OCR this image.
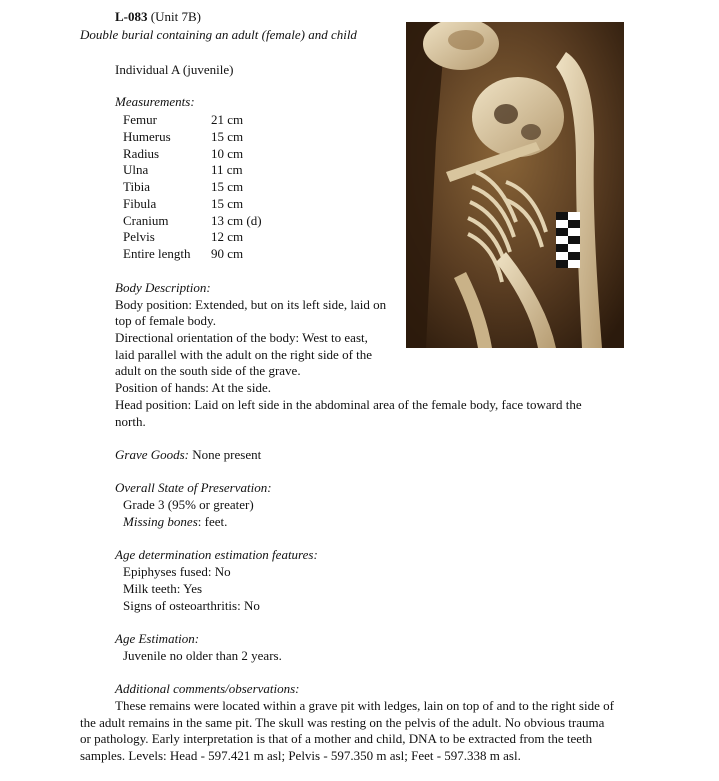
L-083 (Unit 7B)
Double burial containing an adult (female) and child
Individual A (juvenile)
Measurements:
Femur	21 cm
Humerus	15 cm
Radius	10 cm
Ulna	11 cm
Tibia	15 cm
Fibula	15 cm
Cranium	13 cm (d)
Pelvis	12 cm
Entire length 90 cm
Body Description:
Body position: Extended, but on its left side, laid on
top of female body.
Directional orientation of the body: West to east,
laid parallel with the adult on the right side of the
adult on the south side of the grave.
Position of hands: At the side.
Head position: Laid on left side in the abdominal area of the female body, face toward the
north.
Grave Goods: None present
Overall State of Preservation:
Grade 3 (95% or greater)
Missing bones: feet.
Age determination estimation features:
Epiphyses fused: No
Milk teeth: Yes
Signs of osteoarthritis: No
Age Estimation:
Juvenile no older than 2 years.
Additional comments/observations:
These remains were located within a grave pit with ledges, lain on top of and to the right side of
the adult remains in the same pit. The skull was resting on the pelvis of the adult. No obvious trauma
or pathology. Early interpretation is that of a mother and child, DNA to be extracted from the teeth
samples. Levels: Head - 597.421 m asl; Pelvis - 597.350 m asl; Feet - 597.338 m asl.
